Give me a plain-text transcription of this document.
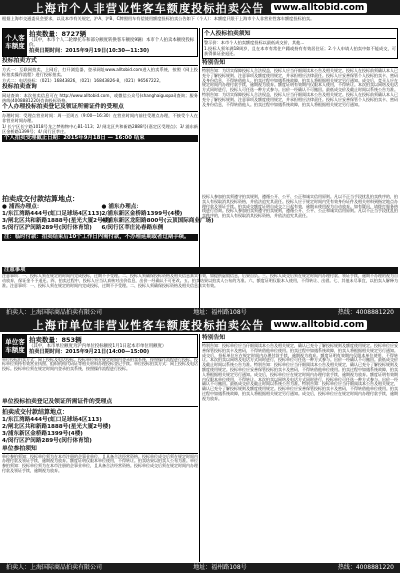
上海市个人非营业性客车额度投标拍卖公告	www.alltobid.com
根据上海市交通委员会要求，以及本市有关规定，沪A、沪B、C牌照用车有偿使用额度投标拍卖公告如下（个人）：本额度只限于上海市个人非营业性客车额度投标拍卖。
个人客车额度
拍卖数量：8727辆
（其中，本市个人二轮摩托车和部分额度转换客车额度9辆）本市个人拍卖本额度投标价。
拍卖日期时间：2015年9月19日(10:30—11:30)
投标拍卖方式
方式一：互联网拍卖，上网后，打开浏览器，登录网址www.alltobid.com进入拍卖系统，按照《网上投标拍卖操作流程》进行投标拍卖。
方式二：电话投标：（021）16843826，（021）16843826-8，（021）96567222。
投标拍卖查询
网站查询：本次拍卖信息可在 http://www.alltobid.com，或微信公众号(shanghaiguopai)查询；服务热线(4008881220)咨询投标资格。
个人办理投标拍卖登记及领证所需证件的受理点
办理时间：受理点营业时间：周一至周五（9:00—16:30）在营业时间内前往受理点办理，不接受个人在非营业时间办理。
1/ 长宁区长宁路1018号龙之梦购物中心B1-113；2/ 闸北区共和新路2888号(嘉定区受理点)；3/ 浦东新区金桥路1399号；4/ 闵行区莘庄。
个人拍卖受理截止日期：2015年9月18日 — 16:00 结束
个人投标拍卖须知
警示价：本市个人拍卖额度投标以最低成交价，其他...
1.投标人须年满18周岁，且在本市有常住户籍或持有有效居住证；2.个人申请人拍卖中如不能成交，可获得保证金退还。
特别告知
特别告知：为切实保障投标人合法权益，投标人应当仔细阅读本公告及相关规定。投标人在投标前须确认本人已充分了解投标规则、注意事项及额度使用规定，并承担相应法律责任。投标人应妥善保管个人投标拍卖卡、密码及身份信息，不得转借他人。拍卖过程中如遇系统故障，拍卖人将根据相关规定另行通知。成交后，竞买人应在规定时间内办理付款手续，逾期视为放弃。额度证明有效期内仅限本人使用，不得转让。本次拍卖以网络及电话方式同时进行，投标人可任选一种方式参与。出价一经确认不可撤回。最低成交价及截止时间以系统公告为准。特别告知：为切实保障投标人合法权益，投标人应当仔细阅读本公告及相关规定。投标人在投标前须确认本人已充分了解投标规则、注意事项及额度使用规定，并承担相应法律责任。投标人应妥善保管个人投标拍卖卡、密码及身份信息，不得转借他人。拍卖过程中如遇系统故障，拍卖人将根据相关规定另行通知。
拍卖成交付款结算地点：
● 浦西办理点：
1/东江湾路444号(虹口足球场4区113)
3/闸北区共和新路1888号(星光大厦2号楼)
5/闵行区沪闵路289号(闵行体育馆)
● 浦东办理点：
2/浦东新区金桥路1399号(4楼)
4/浦东新区龙阳路800号(云顶国际商业广场)
6/闵行区莘庄沁春路东侧
注：临时付款：拍卖结束后10个工作日内需付款，不办理延期或者过期手续。
投标人参加拍卖须遵守拍卖规则，遵循公开、公平、公正和诚实信用原则。凡以不正当手段扰乱拍卖秩序的，拍卖人有权取消其投标资格，并依法追究其责任。投标人应于规定时间内凭有效身份证件及相关材料到指定地点办理付款及领证手续。拍卖成交额度证明自成交之日起有效，逾期未使用视为自动放弃。如有疑问，请拨打服务热线进行咨询。投标人参加拍卖须遵守拍卖规则，遵循公开、公平、公正和诚实信用原则。凡以不正当手段扰乱拍卖秩序的，拍卖人有权取消其投标资格，并依法追究其责任。
注意事项
注意事项：一、投标人须在规定的时间内完成投标，过期不予受理。二、投标人须确保投标资格及相关信息真实有效，如提供虚假信息，后果自负。三、投标人成交后须在规定时间内办理付款、领证手续，逾期不办理的视为自动放弃，保证金不予退还。四、拍卖过程中，投标人应当认真核对出价信息，出价一经确认不可更改。五、拍卖结果以拍卖人公布的为准。六、额度证明仅限本人使用，不得转让、出借。七、其他未尽事宜，以拍卖人解释为准。注意事项：一、投标人须在规定的时间内完成投标，过期不予受理。二、投标人须确保投标资格及相关信息真实有效。
拍卖人：上海国际商品拍卖有限公司	地址：福州路108号	热线：4008881220
上海市单位非营业性客车额度投标拍卖公告	www.alltobid.com
单位客车额度
拍卖数量：853辆
（其中，本市单位额度为沪内单位投标额度1月1日起本市单位用额度）
拍卖日期时间：2015年9月21日(14:00—15:00)
单位投标拍卖方式：网上投标及电话投标。投标单位须在规定时间内登录拍卖系统，按照操作流程进行投标。投标单位须持有效营业执照、组织机构代码证等相关材料办理投标登记手续。单位投标拍卖方式：网上投标及电话投标。投标单位须在规定时间内登录拍卖系统，按照操作流程进行投标。
单位投标拍卖登记及领证所需证件的受理点
拍卖成交付款结算地点：
1/东江湾路444号(虹口足球场4区113)
2/闸北区共和新路1888号(星光大厦2号楼)
3/浦东新区金桥路1399号(4楼)
4/闵行区沪闵路289号(闵行体育馆)
单位参拍须知
单位参拍须知：投标单位须为在本市注册的企事业单位，且具备合法经营资格。投标单位成交后须在规定时间内办理付款及领证手续，逾期视为放弃。额度证明仅限本单位使用，不得转让。拍卖结果以拍卖人公布为准。单位参拍须知：投标单位须为在本市注册的企事业单位，且具备合法经营资格。投标单位成交后须在规定时间内办理付款及领证手续，逾期视为放弃。
特别告知
特别告知：投标单位应当仔细阅读本公告及相关规定，确认已充分了解投标规则及额度使用规定。投标单位应妥善保管投标拍卖卡及密码，不得转借他单位使用。拍卖过程中如遇系统故障，拍卖人将根据相关规定另行通知。成交后，投标单位应在规定时间内办理付款手续，逾期视为放弃。额度证明有效期内仅限本单位使用，不得转让。本次拍卖以网络及电话方式同时进行，投标单位可任选一种方式参与。出价一经确认不可撤回。最低成交价及截止时间以系统公告为准。特别告知：投标单位应当仔细阅读本公告及相关规定，确认已充分了解投标规则及额度使用规定。投标单位应妥善保管投标拍卖卡及密码，不得转借他单位使用。拍卖过程中如遇系统故障，拍卖人将根据相关规定另行通知。成交后，投标单位应在规定时间内办理付款手续，逾期视为放弃。额度证明有效期内仅限本单位使用，不得转让。本次拍卖以网络及电话方式同时进行，投标单位可任选一种方式参与。出价一经确认不可撤回。最低成交价及截止时间以系统公告为准。特别告知：投标单位应当仔细阅读本公告及相关规定，确认已充分了解投标规则及额度使用规定。投标单位应妥善保管投标拍卖卡及密码，不得转借他单位使用。拍卖过程中如遇系统故障，拍卖人将根据相关规定另行通知。成交后，投标单位应在规定时间内办理付款手续，逾期视为放弃。
拍卖人：上海国际商品拍卖有限公司	地址：福州路108号	热线：4008881220
